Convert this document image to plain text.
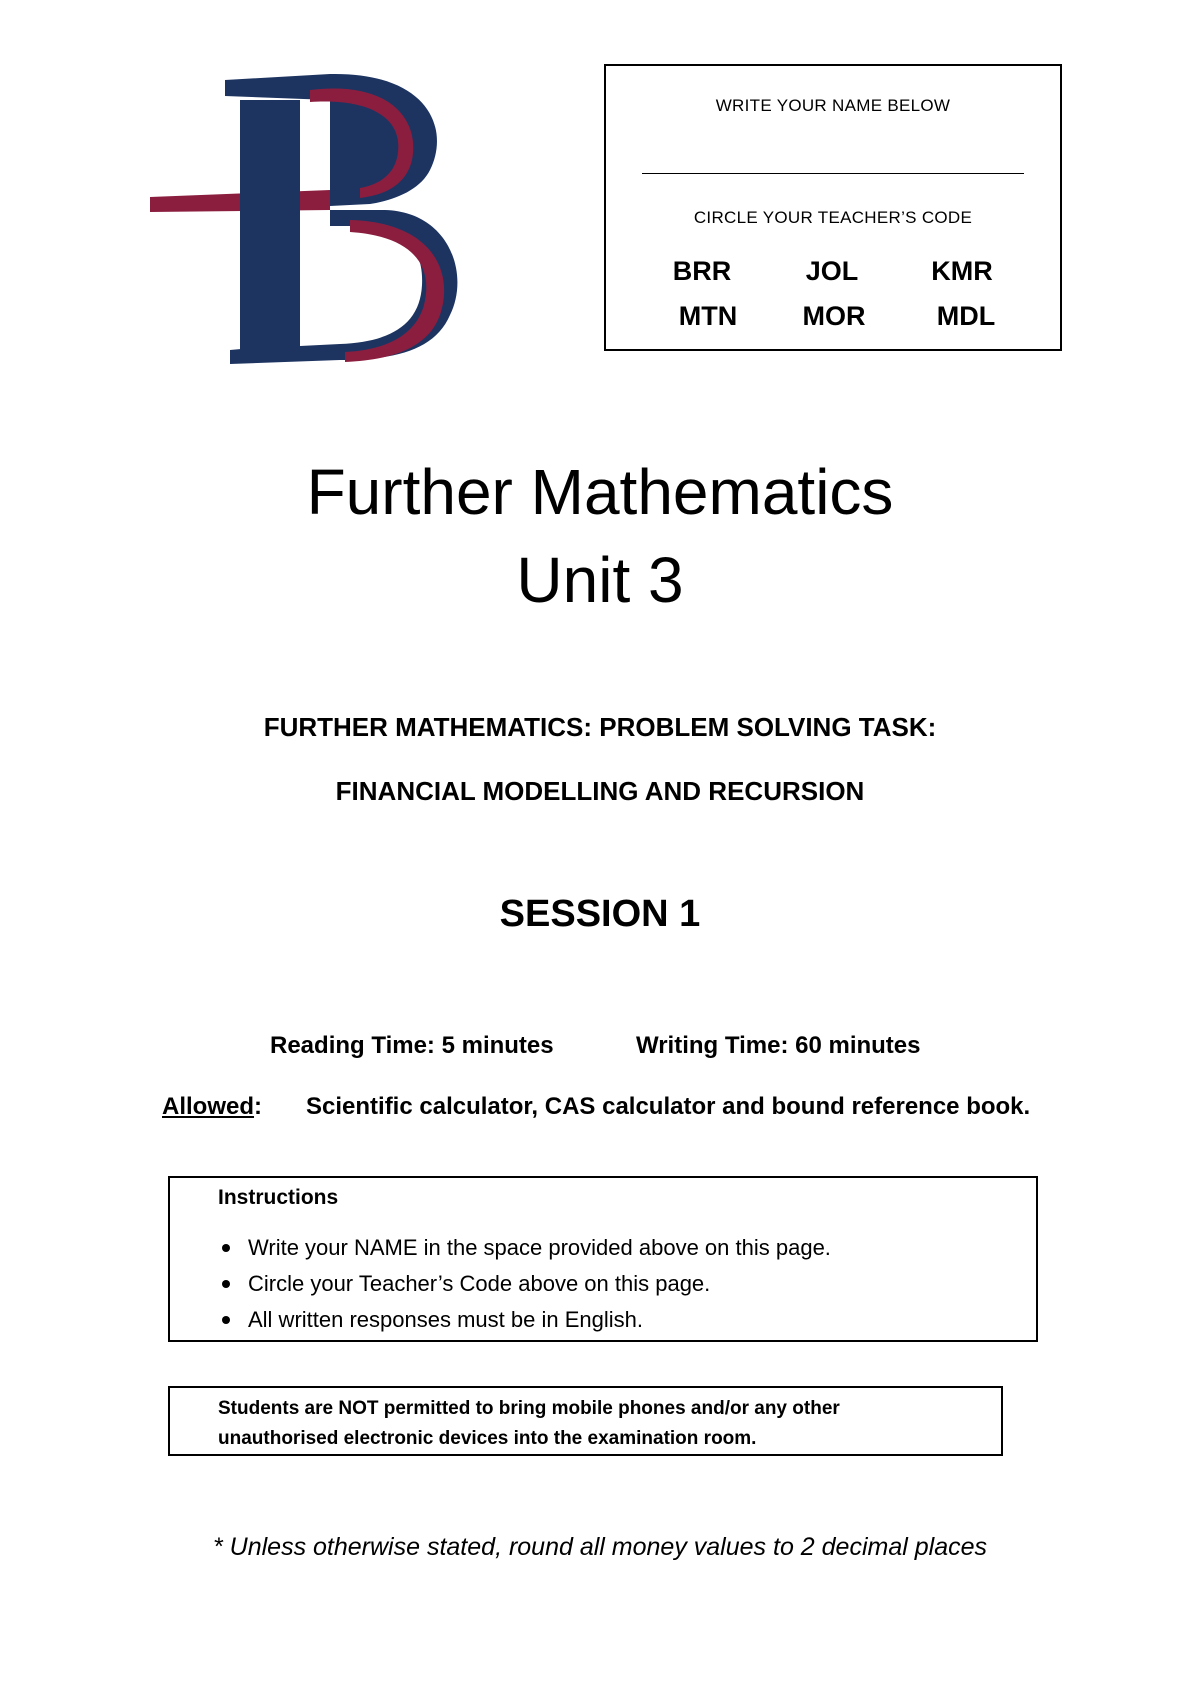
WRITE YOUR NAME BELOW
CIRCLE YOUR TEACHER’S CODE
BRR	JOL	KMR
MTN	MOR	MDL
Further Mathematics
Unit 3
FURTHER MATHEMATICS: PROBLEM SOLVING TASK:
FINANCIAL MODELLING AND RECURSION
SESSION 1
Reading Time: 5 minutes	Writing Time: 60 minutes
Allowed: Scientific calculator, CAS calculator and bound reference book.
Instructions
Write your NAME in the space provided above on this page.
Circle your Teacher’s Code above on this page.
All written responses must be in English.
Students are NOT permitted to bring mobile phones and/or any other unauthorised electronic devices into the examination room.
* Unless otherwise stated, round all money values to 2 decimal places
